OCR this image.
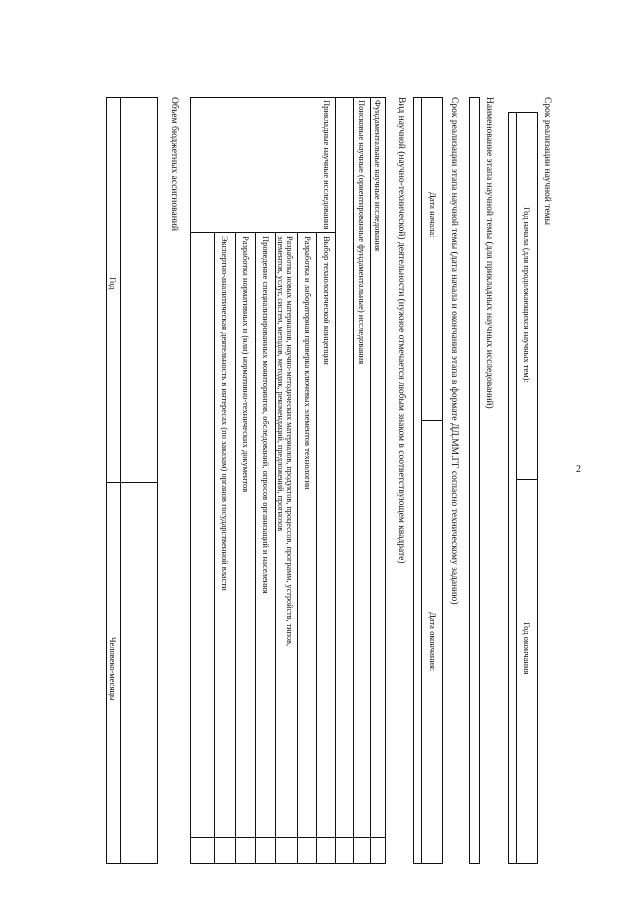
2
Срок реализации научной темы
Год начала (для продолжающихся научных тем):
Год окончания
Наименование этапа научной темы (для прикладных научных исследований)
Срок реализации этапа научной темы (дата начала и окончания этапа в формате ДД.ММ.ГГ согласно техническому заданию)
Дата начала:
Дата окончания:
Вид научной (научно-технической) деятельности (нужное отмечается любым знаком в соответствующем квадрате)
Фундаментальные научные исследования
Поисковые научные (ориентированные фундаментальные) исследования
Прикладные научные исследования
Выбор технологической концепции
Разработка и лабораторная проверка ключевых элементов технологии
Разработка новых материалов, научно-методических материалов, продуктов, процессов, программ, устройств, типов,
элементов, услуг, систем, методов, методик, рекомендаций, предложений, прогнозов
Проведение специализированных мониторингов, обследований, опросов организаций и населения
Разработка нормативных и (или) нормативно-технических документов
Экспертно-аналитическая деятельность в интересах (по заказам) органов государственной власти
Объем бюджетных ассигнований
Год
Человеко-месяцы
